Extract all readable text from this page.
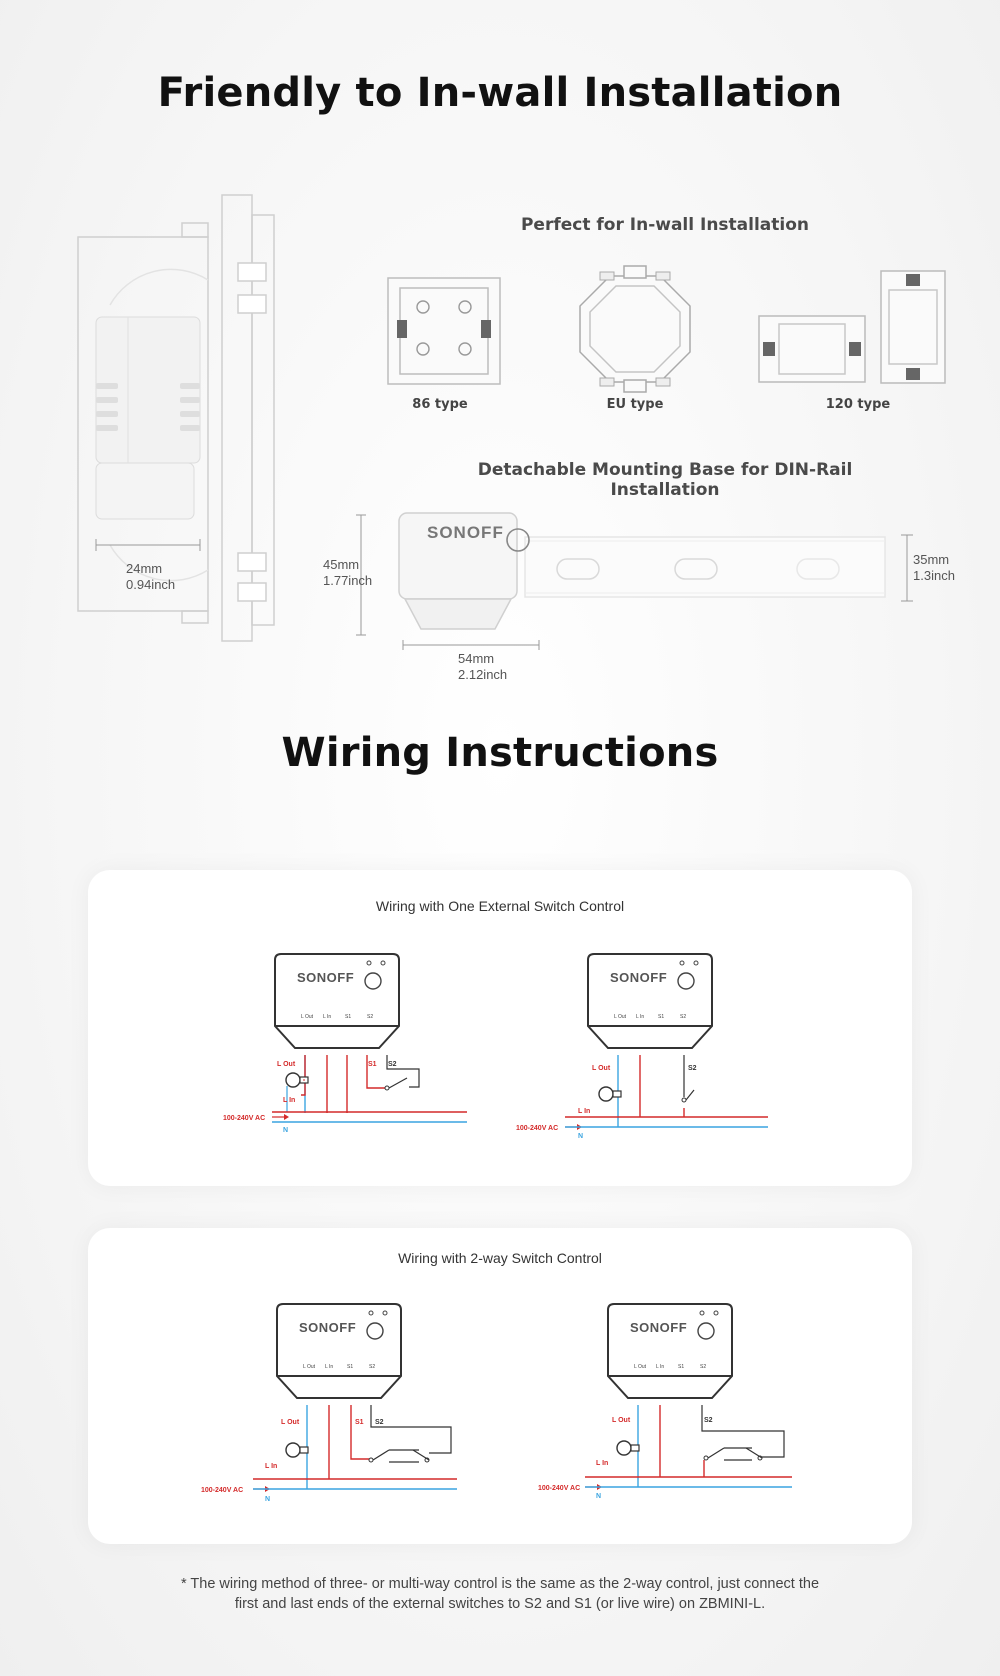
Friendly to In-wall Installation
24mm
0.94inch
Perfect for In-wall Installation
86 type	EU type	120 type
Detachable Mounting Base for DIN-Rail Installation
SONOFF
45mm
1.77inch
35mm
1.3inch
54mm
2.12inch
Wiring Instructions
Wiring with One External Switch Control
Wiring with 2-way Switch Control
SONOFF
L Out L In	S1	S2
L Out	S1 S2
L In
100-240V AC
N
SONOFF
L Out L In	S1	S2
L Out	S2
L In
100-240V AC
N
SONOFF
L Out L In	S1	S2
L Out	S1 S2
L In
100-240V AC
N
SONOFF
L Out L In	S1	S2
L Out	S2
L In
100-240V AC
N
* The wiring method of three- or multi-way control is the same as the 2-way control, just connect the
first and last ends of the external switches to S2 and S1 (or live wire) on ZBMINI-L.
